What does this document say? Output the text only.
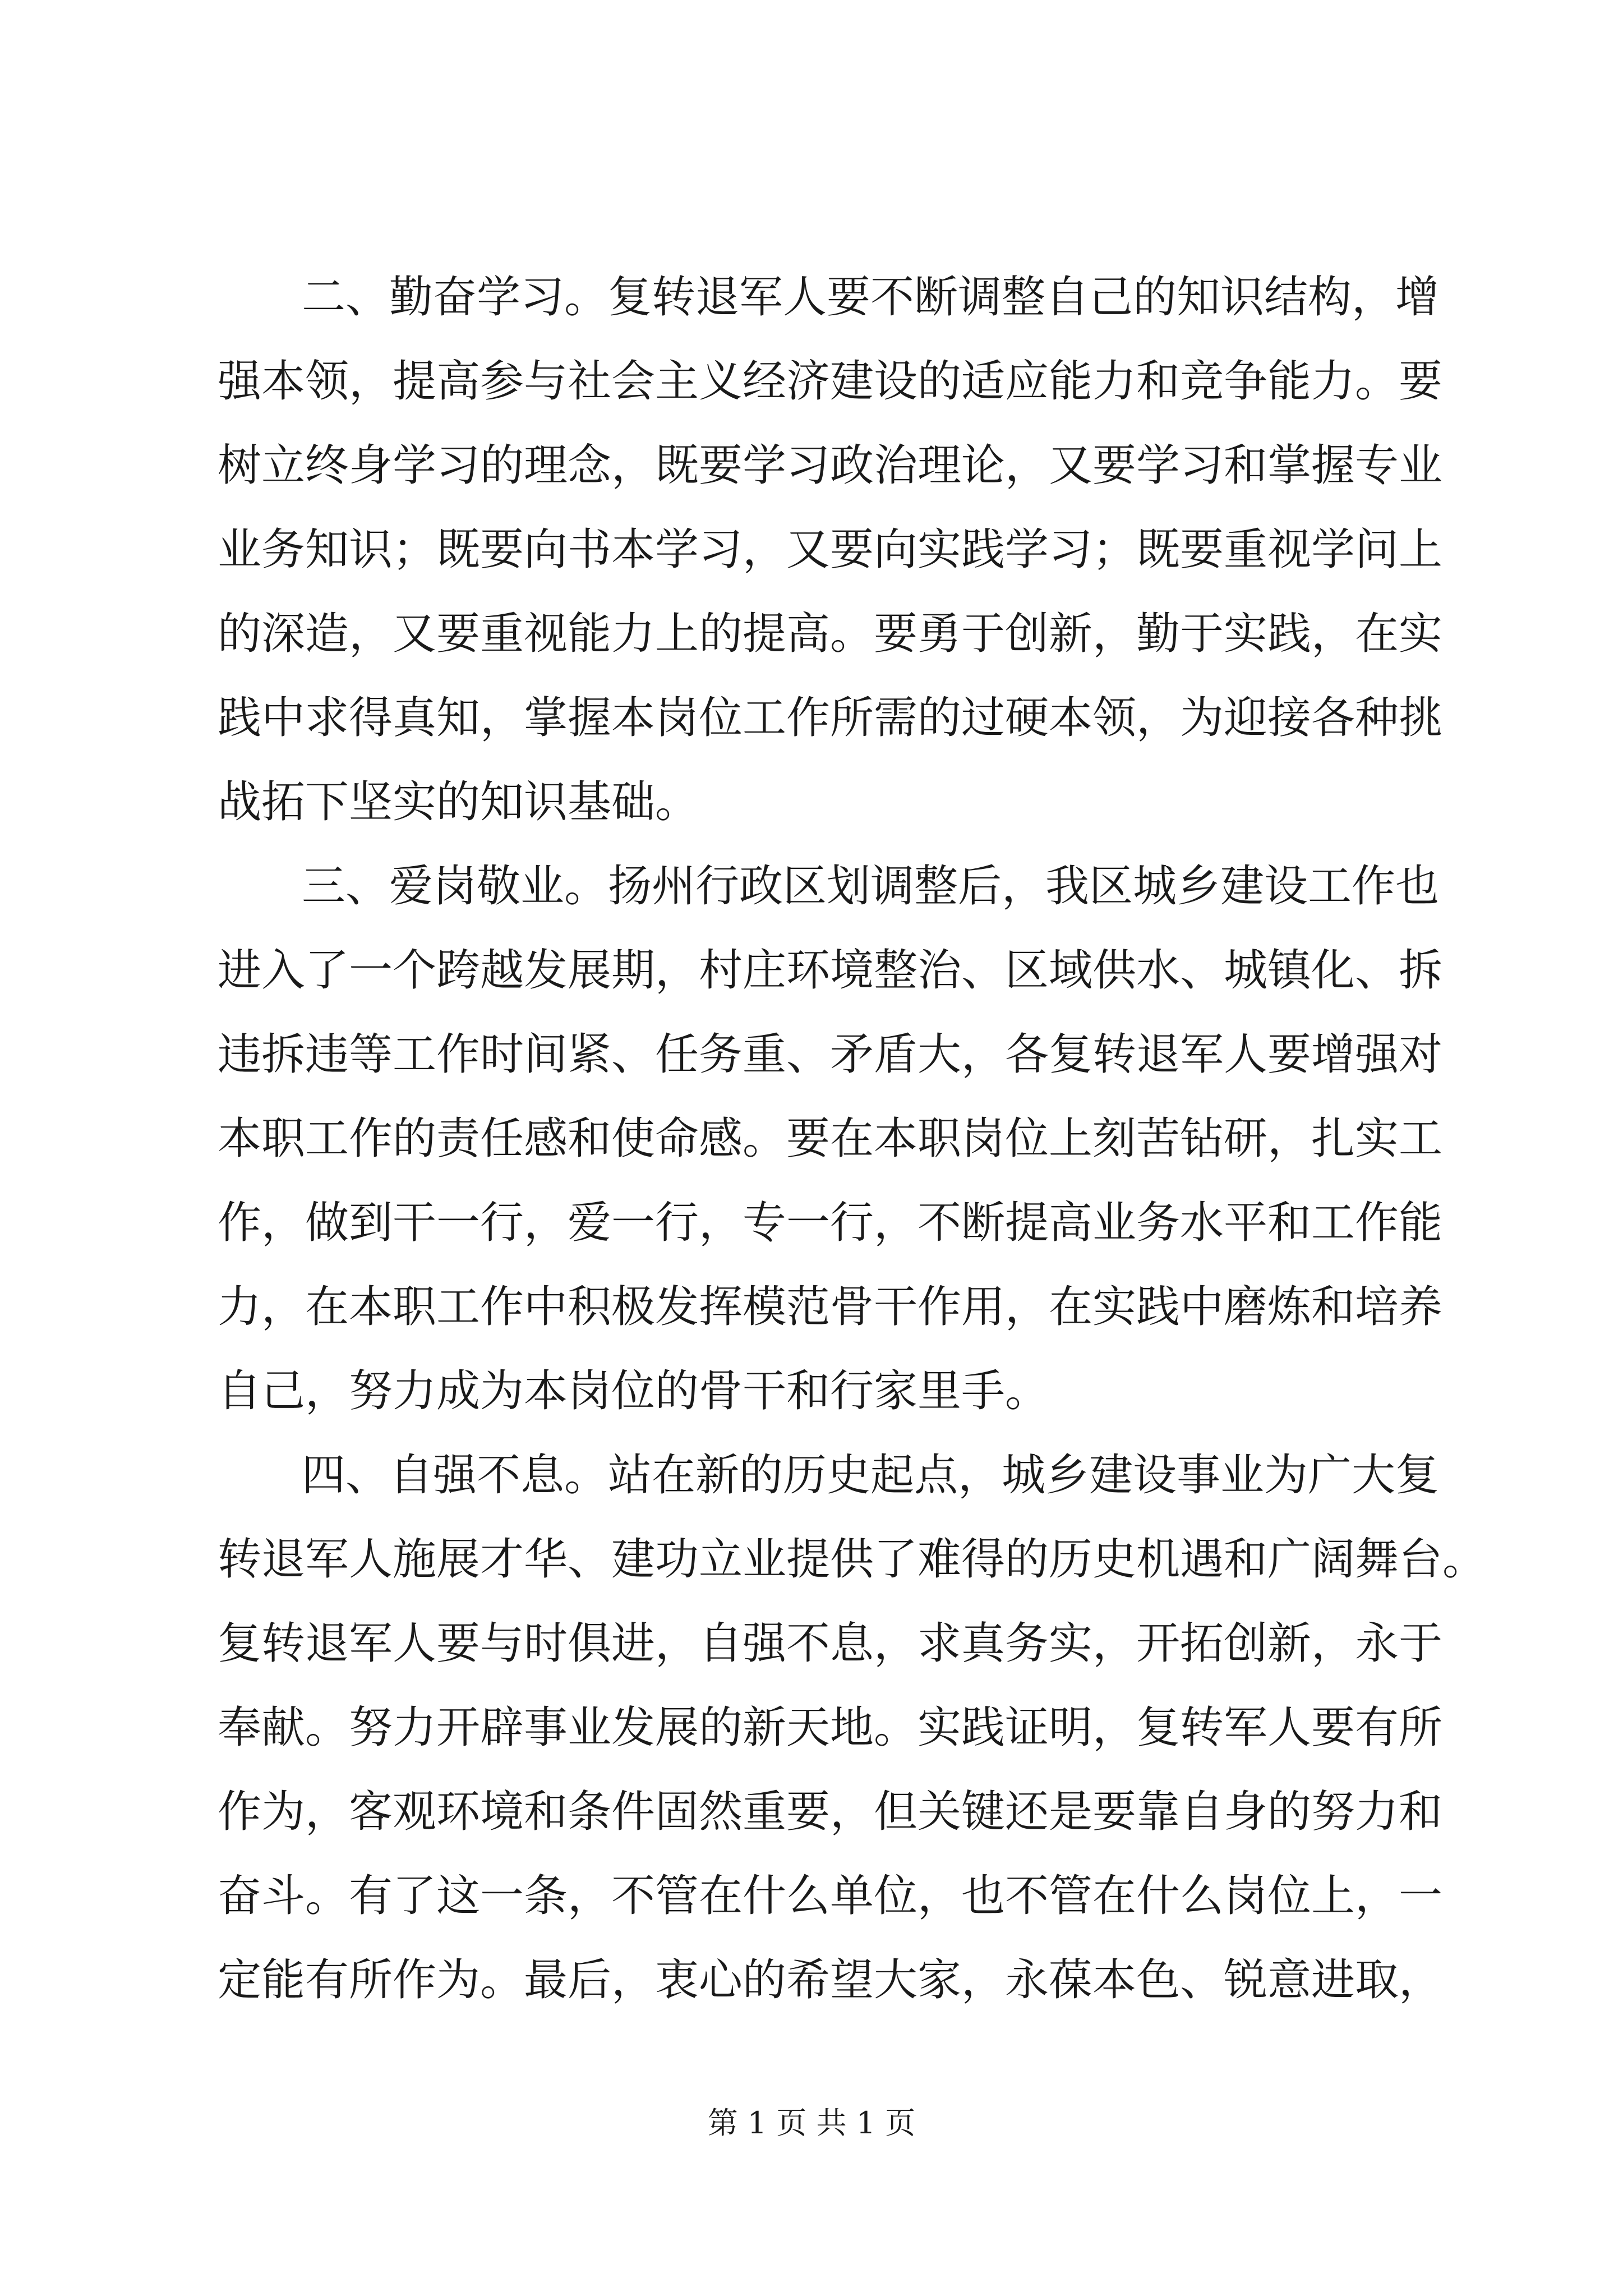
二、勤奋学习。复转退军人要不断调整自己的知识结构，增
强本领，提高参与社会主义经济建设的适应能力和竞争能力。要
树立终身学习的理念，既要学习政治理论，又要学习和掌握专业
业务知识；既要向书本学习，又要向实践学习；既要重视学问上
的深造，又要重视能力上的提高。要勇于创新，勤于实践，在实
践中求得真知，掌握本岗位工作所需的过硬本领，为迎接各种挑
战拓下坚实的知识基础。
三、爱岗敬业。扬州行政区划调整后，我区城乡建设工作也
进入了一个跨越发展期，村庄环境整治、区域供水、城镇化、拆
违拆违等工作时间紧、任务重、矛盾大，各复转退军人要增强对
本职工作的责任感和使命感。要在本职岗位上刻苦钻研，扎实工
作，做到干一行，爱一行，专一行，不断提高业务水平和工作能
力，在本职工作中积极发挥模范骨干作用，在实践中磨炼和培养
自己，努力成为本岗位的骨干和行家里手。
四、自强不息。站在新的历史起点，城乡建设事业为广大复
转退军人施展才华、建功立业提供了难得的历史机遇和广阔舞台。
复转退军人要与时俱进，自强不息，求真务实，开拓创新，永于
奉献。努力开辟事业发展的新天地。实践证明，复转军人要有所
作为，客观环境和条件固然重要，但关键还是要靠自身的努力和
奋斗。有了这一条，不管在什么单位，也不管在什么岗位上，一
定能有所作为。最后，衷心的希望大家，永葆本色、锐意进取，
第 1 页 共 1 页
